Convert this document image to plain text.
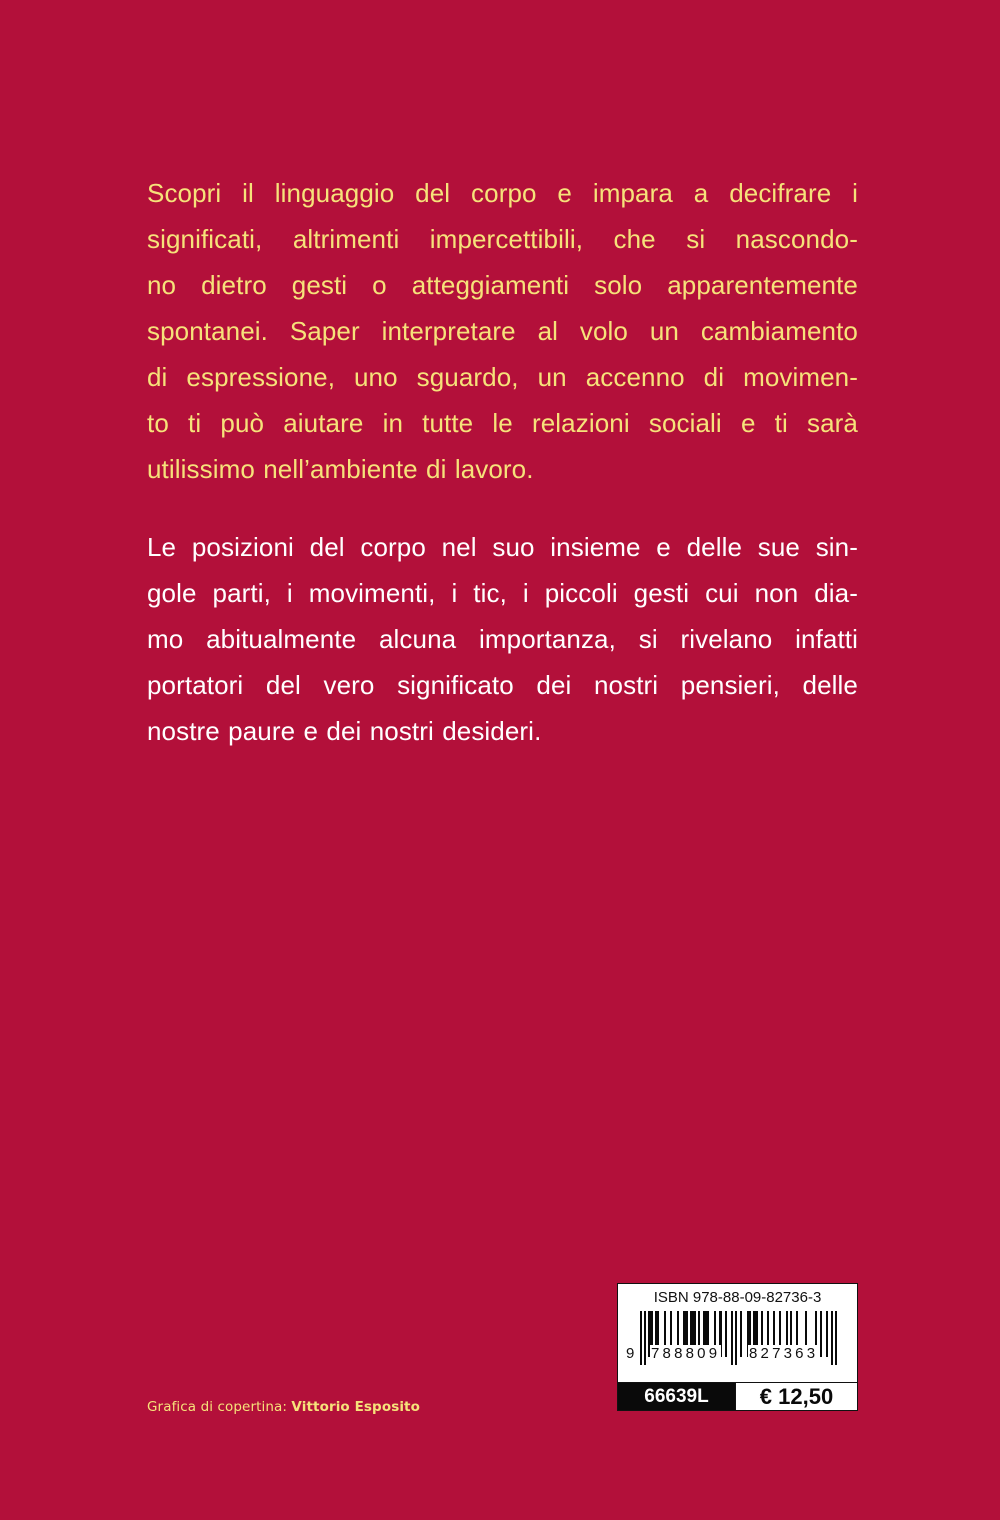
Scopri il linguaggio del corpo e impara a decifrare i
significati, altrimenti impercettibili, che si nascondo-
no dietro gesti o atteggiamenti solo apparentemente
spontanei. Saper interpretare al volo un cambiamento
di espressione, uno sguardo, un accenno di movimen-
to ti può aiutare in tutte le relazioni sociali e ti sarà
utilissimo nell’ambiente di lavoro.
Le posizioni del corpo nel suo insieme e delle sue sin-
gole parti, i movimenti, i tic, i piccoli gesti cui non dia-
mo abitualmente alcuna importanza, si rivelano infatti
portatori del vero significato dei nostri pensieri, delle
nostre paure e dei nostri desideri.
Grafica di copertina: Vittorio Esposito
ISBN 978-88-09-82736-3
9 788809 827363
66639L	€ 12,50
